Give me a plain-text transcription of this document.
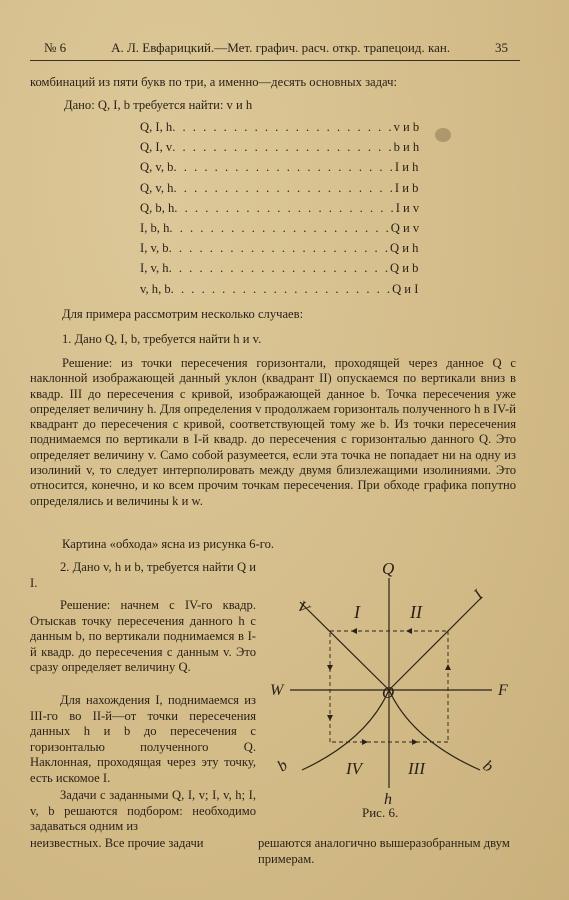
№ 6	А. Л. Евфарицкий.—Мет. графич. расч. откр. трапецоид. кан.	35
комбинаций из пяти букв по три, а именно—десять основных задач:
Дано: Q, I, b требуется найти: v и h
Q, I, h . . . . . . . . . . . . . . . . . . . . . . v и b
Q, I, v . . . . . . . . . . . . . . . . . . . . . . b и h
Q, v, b . . . . . . . . . . . . . . . . . . . . . . I и h
Q, v, h . . . . . . . . . . . . . . . . . . . . . . I и b
Q, b, h . . . . . . . . . . . . . . . . . . . . . . I и v
I, b, h . . . . . . . . . . . . . . . . . . . . . . Q и v
I, v, b . . . . . . . . . . . . . . . . . . . . . . Q и h
I, v, h . . . . . . . . . . . . . . . . . . . . . . Q и b
v, h, b . . . . . . . . . . . . . . . . . . . . . . Q и I
Для примера рассмотрим несколько случаев:
1. Дано Q, I, b, требуется найти h и v.
Решение: из точки пересечения горизонтали, проходящей через данное Q с наклонной изображающей данный уклон (квадрант II) опускаемся по вертикали вниз в квадр. III до пересечения с кривой, изображающей данное b. Точка пересечения уже определяет величину h. Для определения v продолжаем горизонталь полученного h в IV-й квадрант до пересечения с кривой, соответствующей тому же b. Из точки пересечения поднимаемся по вертикали в I-й квадр. до пересечения с горизонталью данного Q. Это определяет величину v. Само собой разумеется, если эта точка не попадает ни на одну из изолиний v, то следует интерполировать между двумя близлежащими изолиниями. Это относится, конечно, и ко всем прочим точкам пересечения. При обходе графика попутно определялись и величины k и w.
Картина «обхода» ясна из рисунка 6-го.
2. Дано v, h и b, требуется найти Q и I.
Решение: начнем с IV-го квадр. Отыскав точку пересечения данного h с данным b, по вертикали поднимаемся в I-й квадр. до пересечения с данным v. Это сразу определяет величину Q.
Для нахождения I, поднимаемся из III-го во II-й—от точки пересечения данных h и b до пересечения с горизонталью полученного Q. Наклонная, проходящая через эту точку, есть искомое I.
Задачи с заданными Q, I, v; I, v, h; I, v, b решаются подбором: необходимо задаваться одним из
неизвестных. Все прочие задачи	решаются аналогично вышеразобранным двум примерам.
Q
h
W	F
O
I	II
IV	III
V
I
b	b
Рис. 6.
